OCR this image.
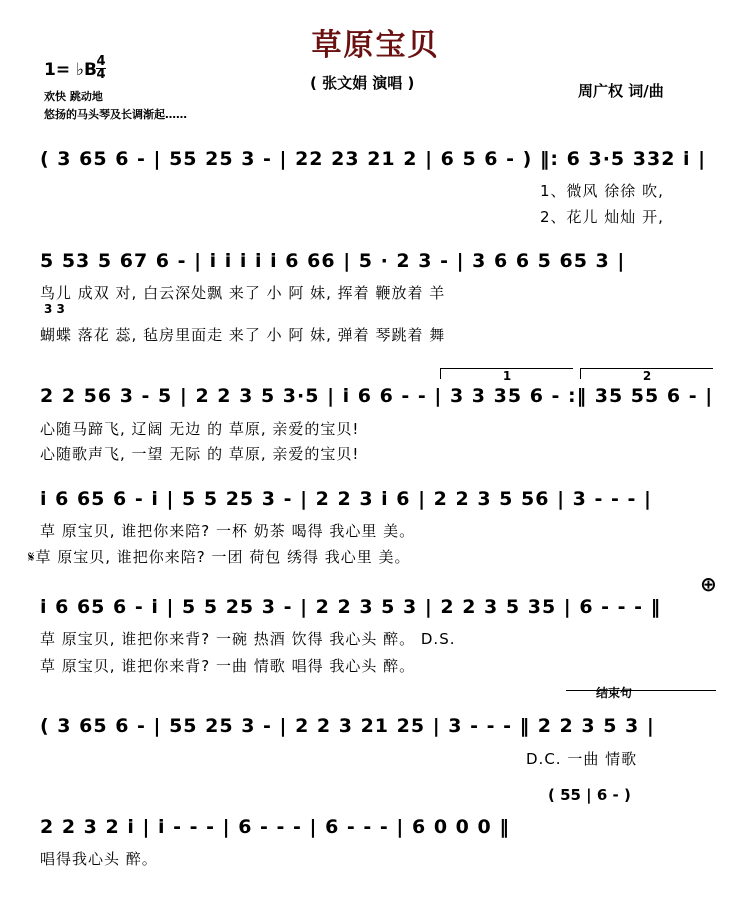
草原宝贝
( 张文娟 演唱 )	周广权 词/曲
1= ♭B 4
4
欢快 跳动地
悠扬的马头琴及长调渐起……
( 3 65 6 - | 55 25 3 - | 22 23 21 2 | 6 5 6 - ) ‖: 6 3·5 332 i |
1、微风 徐徐 吹,
2、花儿 灿灿 开,
5 53 5 67 6 - | i i i i i 6 66 | 5 · 2 3 - | 3 6 6 5 65 3 |
鸟儿 成双 对, 白云深处飘 来了 小 阿 妹, 挥着 鞭放着 羊
3 3
蝴蝶 落花 蕊, 毡房里面走 来了 小 阿 妹, 弹着 琴跳着 舞
1	2
2 2 56 3 - 5 | 2 2 3 5 3·5 | i 6 6 - - | 3 3 35 6 - :‖ 35 55 6 - |
心随马蹄飞, 辽阔 无边 的 草原, 亲爱的宝贝!
心随歌声飞, 一望 无际 的 草原, 亲爱的宝贝!
i 6 65 6 - i | 5 5 25 3 - | 2 2 3 i 6 | 2 2 3 5 56 | 3 - - - |
草 原宝贝, 谁把你来陪? 一杯 奶茶 喝得 我心里 美。
𝄋草 原宝贝, 谁把你来陪? 一团 荷包 绣得 我心里 美。
⊕
i 6 65 6 - i | 5 5 25 3 - | 2 2 3 5 3 | 2 2 3 5 35 | 6 - - - ‖
草 原宝贝, 谁把你来背? 一碗 热酒 饮得 我心头 醉。 D.S.
草 原宝贝, 谁把你来背? 一曲 情歌 唱得 我心头 醉。
结束句
( 3 65 6 - | 55 25 3 - | 2 2 3 21 25 | 3 - - - ‖ 2 2 3 5 3 |
D.C. 一曲 情歌
( 55 | 6 - )
2 2 3 2 i | i - - - | 6 - - - | 6 - - - | 6 0 0 0 ‖
唱得我心头 醉。
